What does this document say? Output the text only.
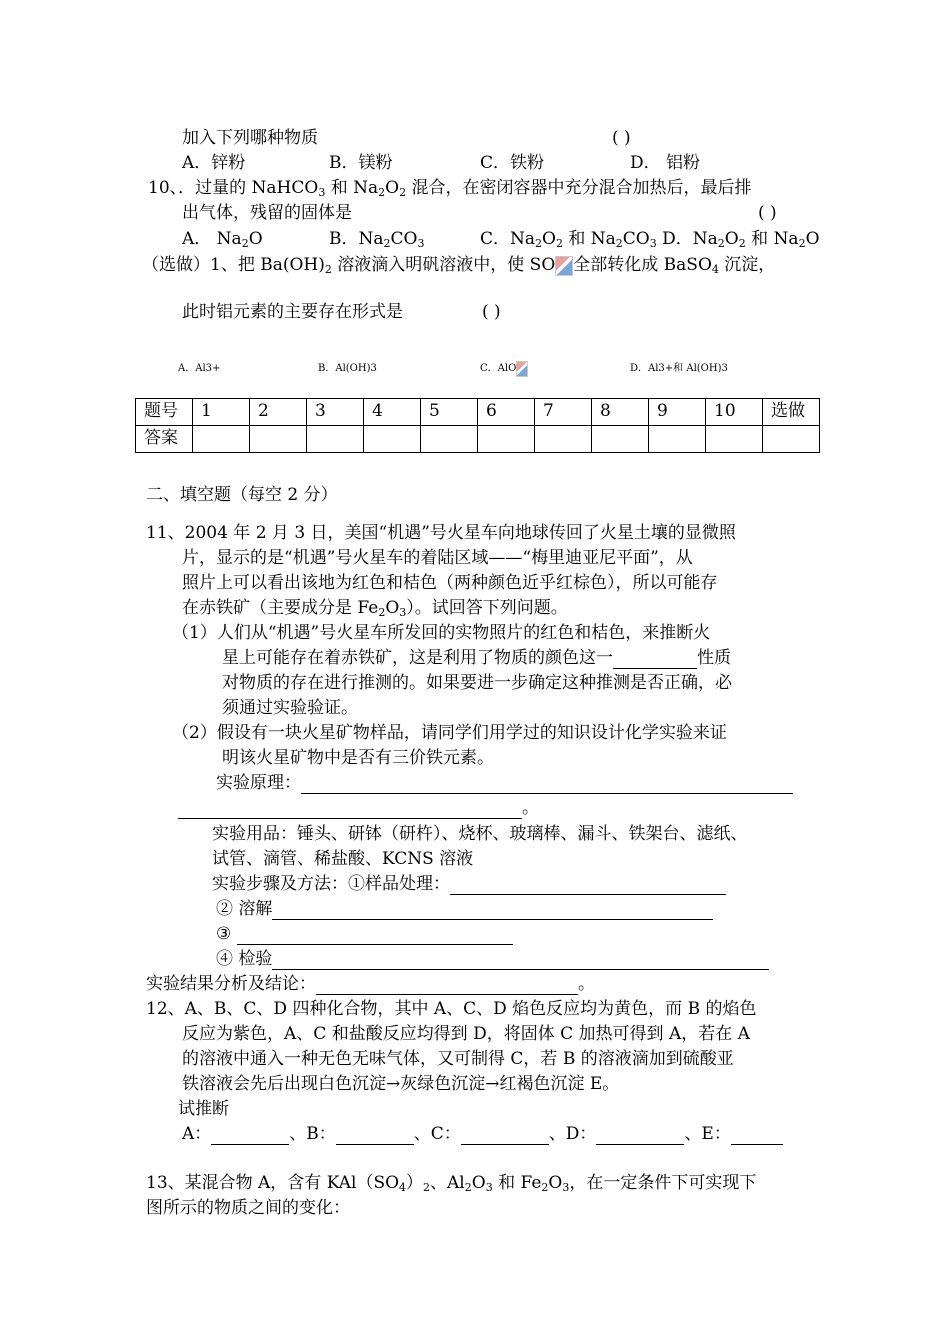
加入下列哪种物质	( )
A．锌粉	B．镁粉	C．铁粉	D． 铝粉
10、．过量的 NaHCO$_3$ 和 $Na_2O_2$ 混合，在密闭容器中充分混合加热后，最后排
出气体，残留的固体是	( )
A． $Na_2O$	B．$Na_2CO_3$	C．$Na_2O_2$ 和 $Na_2CO_3$ D．$Na_2O_2$ 和 $Na_2O$
（选做）1、把 $Ba(OH)_2$ 溶液滴入明矾溶液中，使 SO 全部转化成 BaSO$_4$ 沉淀，
此时铝元素的主要存在形式是	( )
A．Al3+	B．Al(OH)3	C．AlO	D．Al3+和 Al(OH)3
题号	1	2	3	4	5	6	7	8	9	10	选做
答案											
二、填空题（每空 2 分）
11、2004 年 2 月 3 日，美国“机遇”号火星车向地球传回了火星土壤的显微照
片，显示的是“机遇”号火星车的着陆区域——“梅里迪亚尼平面”，从
照片上可以看出该地为红色和桔色（两种颜色近乎红棕色），所以可能存
在赤铁矿（主要成分是 $Fe_2O_3$）。试回答下列问题。
（1）人们从“机遇”号火星车所发回的实物照片的红色和桔色，来推断火
星上可能存在着赤铁矿，这是利用了物质的颜色这一	性质
对物质的存在进行推测的。如果要进一步确定这种推测是否正确，必
须通过实验验证。
（2）假设有一块火星矿物样品，请同学们用学过的知识设计化学实验来证
明该火星矿物中是否有三价铁元素。
实验原理：
。
实验用品：锤头、研钵（研杵）、烧杯、玻璃棒、漏斗、铁架台、滤纸、
试管、滴管、稀盐酸、KCNS 溶液
实验步骤及方法：①样品处理：
② 溶解
③
④ 检验
实验结果分析及结论：	。
12、A、B、C、D 四种化合物，其中 A、C、D 焰色反应均为黄色，而 B 的焰色
反应为紫色，A、C 和盐酸反应均得到 D，将固体 C 加热可得到 A，若在 A
的溶液中通入一种无色无味气体，又可制得 C，若 B 的溶液滴加到硫酸亚
铁溶液会先后出现白色沉淀→灰绿色沉淀→红褐色沉淀 E。
试推断
A：	、B：	、C：	、D：	、E：
13、某混合物 A，含有 $KAl(SO_4)_2$、$Al_2O_3$ 和 $Fe_2O_3$，在一定条件下可实现下
图所示的物质之间的变化：
